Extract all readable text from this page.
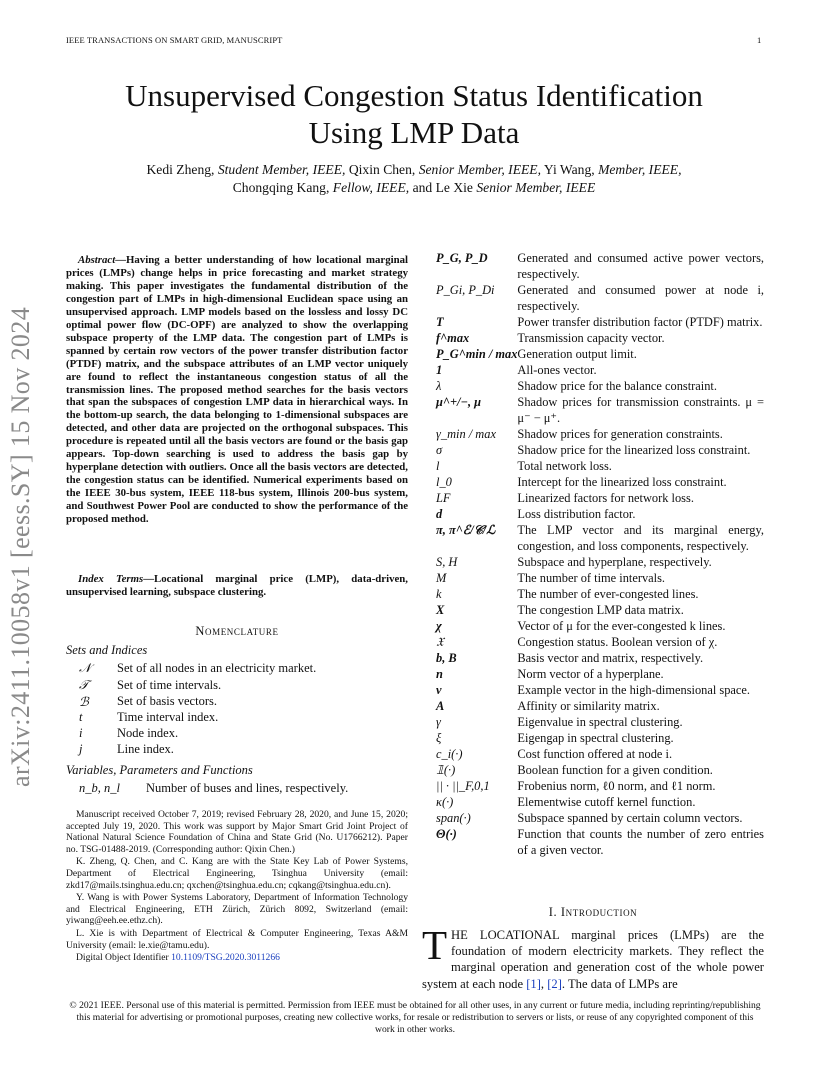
IEEE TRANSACTIONS ON SMART GRID, MANUSCRIPT	1
Unsupervised Congestion Status Identification
Using LMP Data
Kedi Zheng, Student Member, IEEE, Qixin Chen, Senior Member, IEEE, Yi Wang, Member, IEEE,
Chongqing Kang, Fellow, IEEE, and Le Xie Senior Member, IEEE
arXiv:2411.10058v1 [eess.SY] 15 Nov 2024
Abstract—Having a better understanding of how locational marginal prices (LMPs) change helps in price forecasting and market strategy making. This paper investigates the fundamental distribution of the congestion part of LMPs in high-dimensional Euclidean space using an unsupervised approach. LMP models based on the lossless and lossy DC optimal power flow (DC-OPF) are analyzed to show the overlapping subspace property of the LMP data. The congestion part of LMPs is spanned by certain row vectors of the power transfer distribution factor (PTDF) matrix, and the subspace attributes of an LMP vector uniquely are found to reflect the instantaneous congestion status of all the transmission lines. The proposed method searches for the basis vectors that span the subspaces of congestion LMP data in hierarchical ways. In the bottom-up search, the data belonging to 1-dimensional subspaces are detected, and other data are projected on the orthogonal subspaces. This procedure is repeated until all the basis vectors are found or the basis gap appears. Top-down searching is used to address the basis gap by hyperplane detection with outliers. Once all the basis vectors are detected, the congestion status can be identified. Numerical experiments based on the IEEE 30-bus system, IEEE 118-bus system, Illinois 200-bus system, and Southwest Power Pool are conducted to show the performance of the proposed method.
Index Terms—Locational marginal price (LMP), data-driven, unsupervised learning, subspace clustering.
Nomenclature
Sets and Indices
𝒩 Set of all nodes in an electricity market.
𝒯 Set of time intervals.
ℬ Set of basis vectors.
t	Time interval index.
i	Node index.
j	Line index.
Variables, Parameters and Functions
n_b, n_l Number of buses and lines, respectively.

Manuscript received October 7, 2019; revised February 28, 2020, and June 15, 2020; accepted July 19, 2020. This work was support by Major Smart Grid Joint Project of National Natural Science Foundation of China and State Grid (No. U1766212). Paper no. TSG-01488-2019. (Corresponding author: Qixin Chen.)

K. Zheng, Q. Chen, and C. Kang are with the State Key Lab of Power Systems, Department of Electrical Engineering, Tsinghua University (email: zkd17@mails.tsinghua.edu.cn; qxchen@tsinghua.edu.cn; cqkang@tsinghua.edu.cn).

Y. Wang is with Power Systems Laboratory, Department of Information Technology and Electrical Engineering, ETH Zürich, Zürich 8092, Switzerland (email: yiwang@eeh.ee.ethz.ch).

L. Xie is with Department of Electrical & Computer Engineering, Texas A&M University (email: le.xie@tamu.edu).

Digital Object Identifier 10.1109/TSG.2020.3011266

P_G, P_D	Generated and consumed active power vectors, respectively.
P_Gi, P_Di	Generated and consumed power at node i, respectively.
T	Power transfer distribution factor (PTDF) matrix.
f^max	Transmission capacity vector.
P_G^min / max	Generation output limit.
1	All-ones vector.
λ	Shadow price for the balance constraint.
μ^+/−, μ	Shadow prices for transmission constraints. μ = μ⁻ − μ⁺.
γ_min / max	Shadow prices for generation constraints.
σ	Shadow price for the linearized loss constraint.
l	Total network loss.
l_0	Intercept for the linearized loss constraint.
LF	Linearized factors for network loss.
d	Loss distribution factor.
π, π^ℰ/𝒞/ℒ	The LMP vector and its marginal energy, congestion, and loss components, respectively.
S, H	Subspace and hyperplane, respectively.
M	The number of time intervals.
k	The number of ever-congested lines.
X	The congestion LMP data matrix.
χ	Vector of μ for the ever-congested k lines.
𝔛	Congestion status. Boolean version of χ.
b, B	Basis vector and matrix, respectively.
n	Norm vector of a hyperplane.
v	Example vector in the high-dimensional space.
A	Affinity or similarity matrix.
γ	Eigenvalue in spectral clustering.
ξ	Eigengap in spectral clustering.
c_i(·)	Cost function offered at node i.
𝟙(·)	Boolean function for a given condition.
|| · ||_F,0,1	Frobenius norm, ℓ0 norm, and ℓ1 norm.
κ(·)	Elementwise cutoff kernel function.
span(·)	Subspace spanned by certain column vectors.
Θ(·)	Function that counts the number of zero entries of a given vector.
I. Introduction
THE LOCATIONAL marginal prices (LMPs) are the foundation of modern electricity markets. They reflect the marginal operation and generation cost of the whole power system at each node [1], [2]. The data of LMPs are
© 2021 IEEE. Personal use of this material is permitted. Permission from IEEE must be obtained for all other uses, in any current or future media, including reprinting/republishing this material for advertising or promotional purposes, creating new collective works, for resale or redistribution to servers or lists, or reuse of any copyrighted component of this work in other works.
